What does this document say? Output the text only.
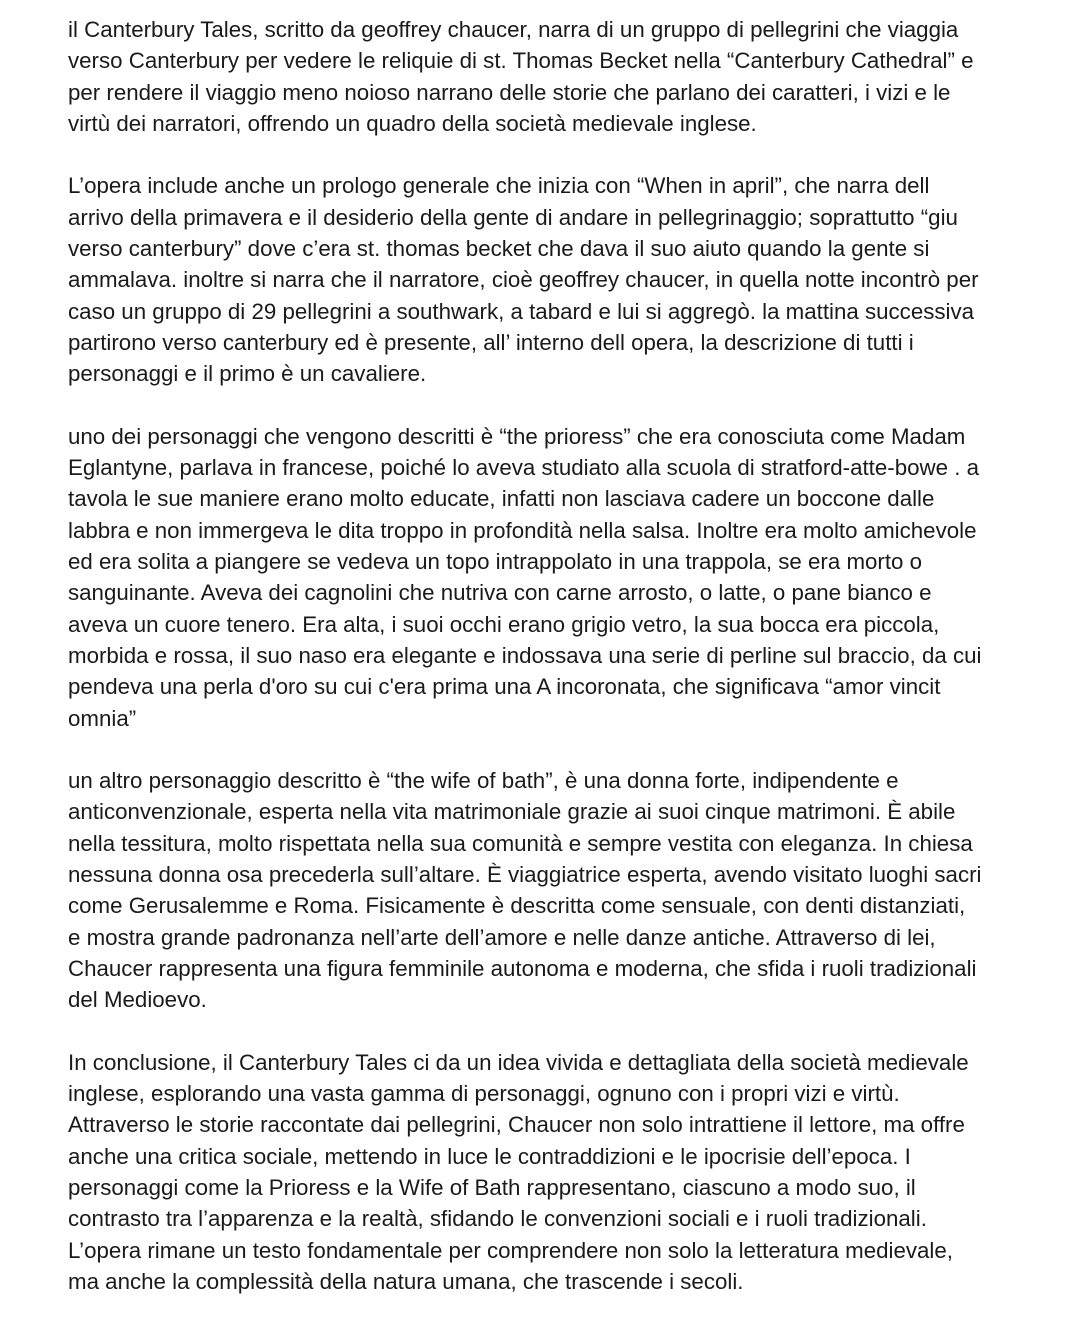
il Canterbury Tales, scritto da geoffrey chaucer, narra di un gruppo di pellegrini che viaggia
verso Canterbury per vedere le reliquie di st. Thomas Becket nella “Canterbury Cathedral” e
per rendere il viaggio meno noioso narrano delle storie che parlano dei caratteri, i vizi e le
virtù dei narratori, offrendo un quadro della società medievale inglese.
L’opera include anche un prologo generale che inizia con “When in april”, che narra dell
arrivo della primavera e il desiderio della gente di andare in pellegrinaggio; soprattutto “giu
verso canterbury” dove c’era st. thomas becket che dava il suo aiuto quando la gente si
ammalava. inoltre si narra che il narratore, cioè geoffrey chaucer, in quella notte incontrò per
caso un gruppo di 29 pellegrini a southwark, a tabard e lui si aggregò. la mattina successiva
partirono verso canterbury ed è presente, all’ interno dell opera, la descrizione di tutti i
personaggi e il primo è un cavaliere.
uno dei personaggi che vengono descritti è “the prioress” che era conosciuta come Madam
Eglantyne, parlava in francese, poiché lo aveva studiato alla scuola di stratford-atte-bowe . a
tavola le sue maniere erano molto educate, infatti non lasciava cadere un boccone dalle
labbra e non immergeva le dita troppo in profondità nella salsa. Inoltre era molto amichevole
ed era solita a piangere se vedeva un topo intrappolato in una trappola, se era morto o
sanguinante. Aveva dei cagnolini che nutriva con carne arrosto, o latte, o pane bianco e
aveva un cuore tenero. Era alta, i suoi occhi erano grigio vetro, la sua bocca era piccola,
morbida e rossa, il suo naso era elegante e indossava una serie di perline sul braccio, da cui
pendeva una perla d'oro su cui c'era prima una A incoronata, che significava “amor vincit
omnia”
un altro personaggio descritto è “the wife of bath”, è una donna forte, indipendente e
anticonvenzionale, esperta nella vita matrimoniale grazie ai suoi cinque matrimoni. È abile
nella tessitura, molto rispettata nella sua comunità e sempre vestita con eleganza. In chiesa
nessuna donna osa precederla sull’altare. È viaggiatrice esperta, avendo visitato luoghi sacri
come Gerusalemme e Roma. Fisicamente è descritta come sensuale, con denti distanziati,
e mostra grande padronanza nell’arte dell’amore e nelle danze antiche. Attraverso di lei,
Chaucer rappresenta una figura femminile autonoma e moderna, che sfida i ruoli tradizionali
del Medioevo.
In conclusione, il Canterbury Tales ci da un idea vivida e dettagliata della società medievale
inglese, esplorando una vasta gamma di personaggi, ognuno con i propri vizi e virtù.
Attraverso le storie raccontate dai pellegrini, Chaucer non solo intrattiene il lettore, ma offre
anche una critica sociale, mettendo in luce le contraddizioni e le ipocrisie dell’epoca. I
personaggi come la Prioress e la Wife of Bath rappresentano, ciascuno a modo suo, il
contrasto tra l’apparenza e la realtà, sfidando le convenzioni sociali e i ruoli tradizionali.
L’opera rimane un testo fondamentale per comprendere non solo la letteratura medievale,
ma anche la complessità della natura umana, che trascende i secoli.
